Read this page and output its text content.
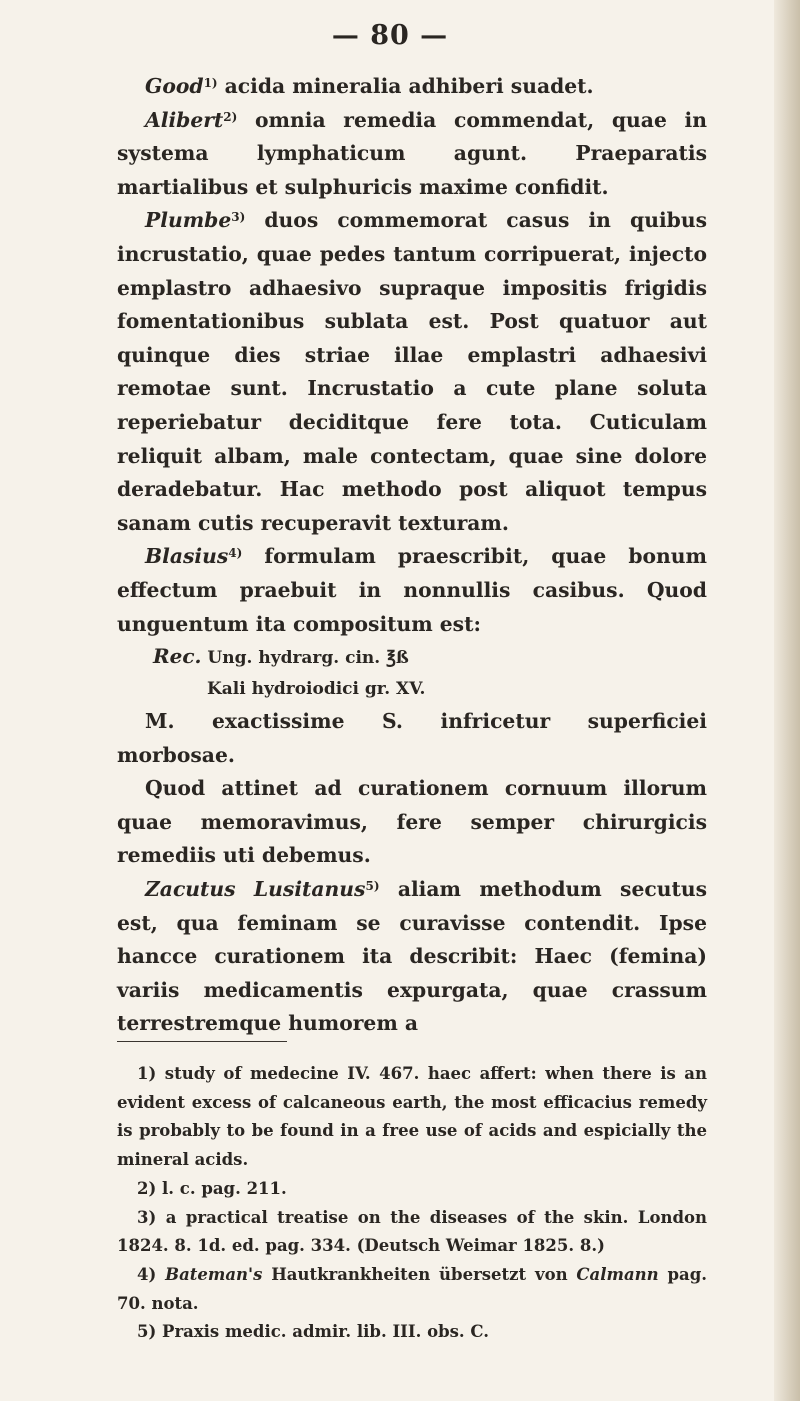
— 80 —

Good$^{1)}$ acida mineralia adhiberi suadet.

Alibert$^{2)}$ omnia remedia commendat, quae in systema lymphaticum agunt. Praeparatis martialibus et sulphuricis maxime confidit.

Plumbe$^{3)}$ duos commemorat casus in quibus incrustatio, quae pedes tantum corripuerat, injecto emplastro adhaesivo supraque impositis frigidis fomentationibus sublata est. Post quatuor aut quinque dies striae illae emplastri adhaesivi remotae sunt. Incrustatio a cute plane soluta reperiebatur deciditque fere tota. Cuticulam reliquit albam, male contectam, quae sine dolore deradebatur. Hac methodo post aliquot tempus sanam cutis recuperavit texturam.

Blasius$^{4)}$ formulam praescribit, quae bonum effectum praebuit in nonnullis casibus. Quod unguentum ita compositum est:

Rec. Ung. hydrarg. cin. ℥ß
Kali hydroiodici gr. XV.

M. exactissime S. infricetur superficiei morbosae.

Quod attinet ad curationem cornuum illorum quae memoravimus, fere semper chirurgicis remediis uti debemus.

Zacutus Lusitanus$^{5)}$ aliam methodum secutus est, qua feminam se curavisse contendit. Ipse hancce curationem ita describit: Haec (femina) variis medicamentis expurgata, quae crassum terrestremque humorem a

1) study of medecine IV. 467. haec affert: when there is an evident excess of calcaneous earth, the most efficacius remedy is probably to be found in a free use of acids and espicially the mineral acids.

2) l. c. pag. 211.

3) a practical treatise on the diseases of the skin. London 1824. 8. 1d. ed. pag. 334. (Deutsch Weimar 1825. 8.)

4) Bateman's Hautkrankheiten übersetzt von Calmann pag. 70. nota.

5) Praxis medic. admir. lib. III. obs. C.
